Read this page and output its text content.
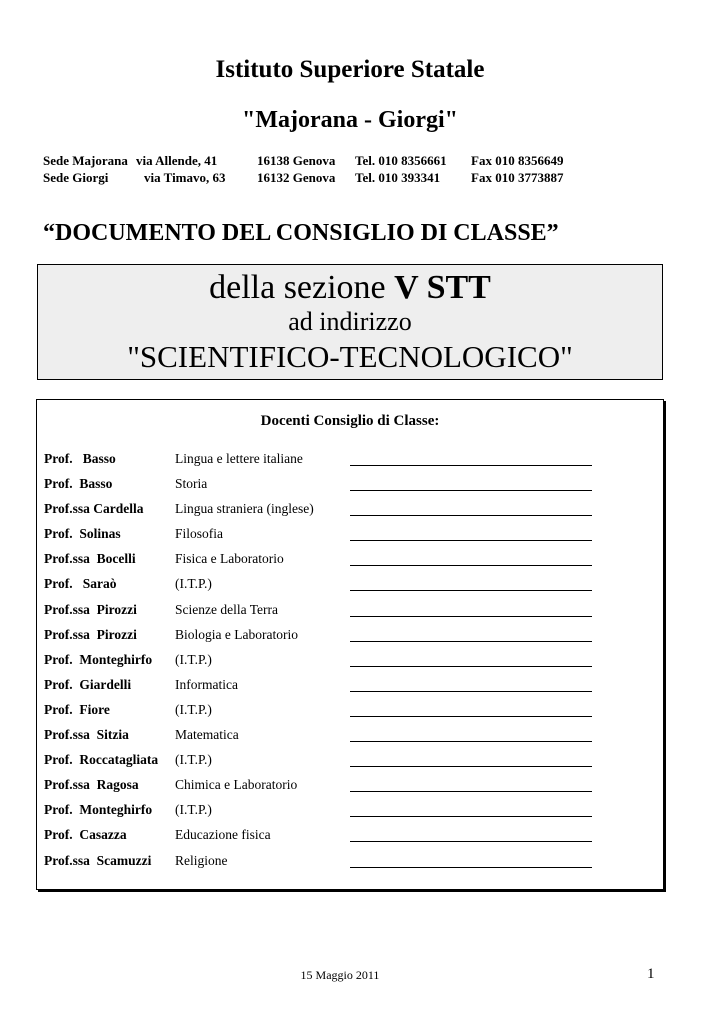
Istituto Superiore Statale
"Majorana - Giorgi"
Sede Majorana via Allende, 41	16138 Genova Tel. 010 8356661 Fax 010 8356649
Sede Giorgi	via Timavo, 63 16132 Genova Tel. 010 393341 Fax 010 3773887
“DOCUMENTO DEL CONSIGLIO DI CLASSE”
della sezione V STT
ad indirizzo
"SCIENTIFICO-TECNOLOGICO"
Docenti Consiglio di Classe:
Prof.   Basso	Lingua e lettere italiane
Prof.  Basso	Storia
Prof.ssa Cardella Lingua straniera (inglese)
Prof.  Solinas	Filosofia
Prof.ssa  Bocelli	Fisica e Laboratorio
Prof.   Saraò	(I.T.P.)
Prof.ssa  Pirozzi	Scienze della Terra
Prof.ssa  Pirozzi	Biologia e Laboratorio
Prof.  Monteghirfo (I.T.P.)
Prof.  Giardelli	Informatica
Prof.  Fiore	(I.T.P.)
Prof.ssa  Sitzia	Matematica
Prof.  Roccatagliata (I.T.P.)
Prof.ssa  Ragosa	Chimica e Laboratorio
Prof.  Monteghirfo (I.T.P.)
Prof.  Casazza	Educazione fisica
Prof.ssa  Scamuzzi Religione
15 Maggio 2011	1
